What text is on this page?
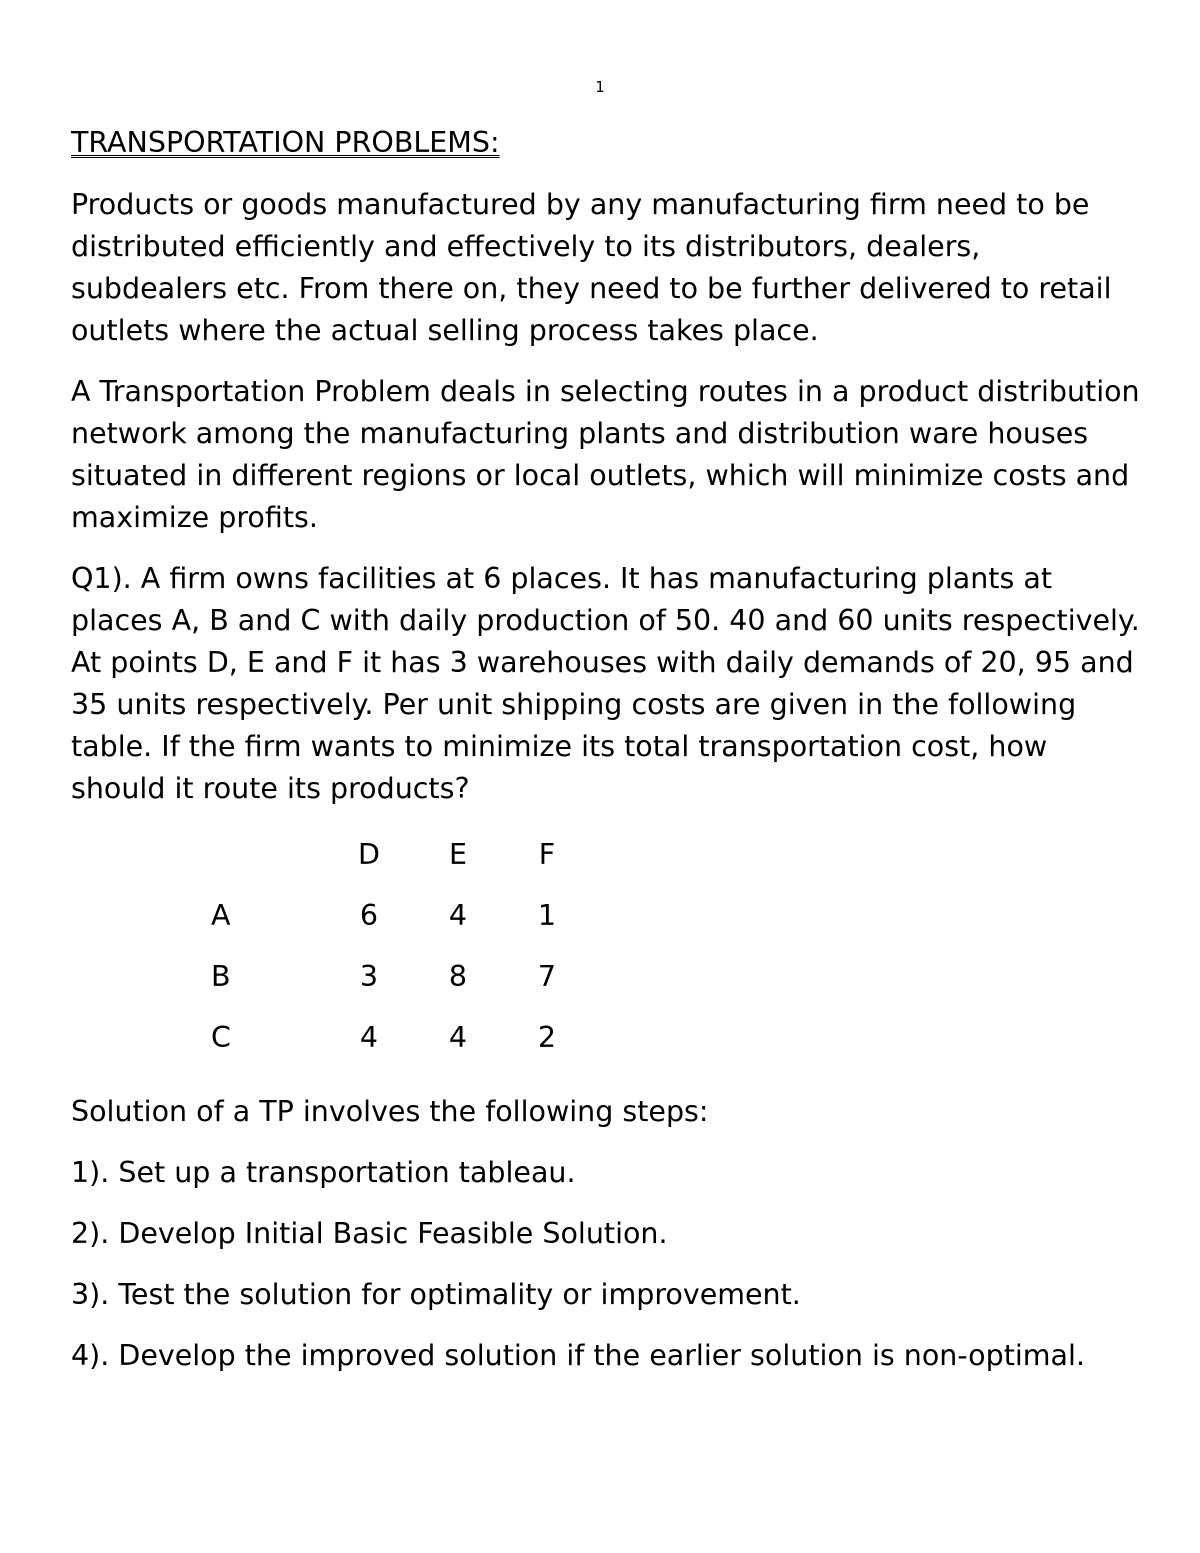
1
TRANSPORTATION PROBLEMS:

Products or goods manufactured by any manufacturing firm need to be distributed efficiently and effectively to its distributors, dealers, subdealers etc. From there on, they need to be further delivered to retail outlets where the actual selling process takes place.

A Transportation Problem deals in selecting routes in a product distribution network among the manufacturing plants and distribution ware houses situated in different regions or local outlets, which will minimize costs and maximize profits.

Q1). A firm owns facilities at 6 places. It has manufacturing plants at places A, B and C with daily production of 50. 40 and 60 units respectively. At points D, E and F it has 3 warehouses with daily demands of 20, 95 and 35 units respectively. Per unit shipping costs are given in the following table. If the firm wants to minimize its total transportation cost, how should it route its products?

	D	E	F
A	6	4	1
B	3	8	7
C	4	4	2

Solution of a TP involves the following steps:

1). Set up a transportation tableau.

2). Develop Initial Basic Feasible Solution.

3). Test the solution for optimality or improvement.

4). Develop the improved solution if the earlier solution is non-optimal.
